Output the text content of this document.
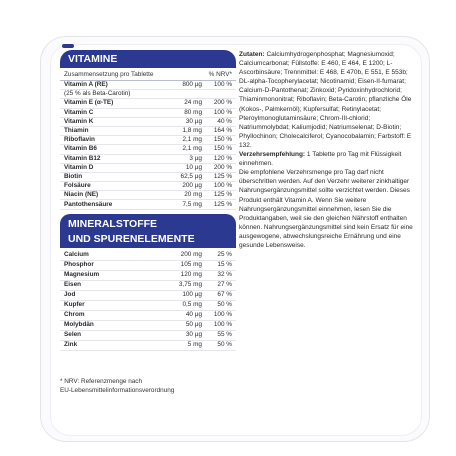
VITAMINE
Zusammensetzung pro Tablette	% NRV*
Vitamin A (RE)	800 µg	100 %
(25 % als Beta-Carotin)
Vitamin E (α-TE)	24 mg	200 %
Vitamin C	80 mg	100 %
Vitamin K	30 µg	40 %
Thiamin	1,8 mg	164 %
Riboflavin	2,1 mg	150 %
Vitamin B6	2,1 mg	150 %
Vitamin B12	3 µg	120 %
Vitamin D	10 µg	200 %
Biotin	62,5 µg	125 %
Folsäure	200 µg	100 %
Niacin (NE)	20 mg	125 %
Pantothensäure	7,5 mg	125 %
MINERALSTOFFE
UND SPURENELEMENTE
Calcium	200 mg	25 %
Phosphor	105 mg	15 %
Magnesium	120 mg	32 %
Eisen	3,75 mg	27 %
Jod	100 µg	67 %
Kupfer	0,5 mg	50 %
Chrom	40 µg	100 %
Molybdän	50 µg	100 %
Selen	30 µg	55 %
Zink	5 mg	50 %
* NRV: Referenzmenge nach
EU-Lebensmittelinformationsverordnung

Zutaten: Calciumhydrogenphosphat; Magnesiumoxid; Calciumcarbonat; Füllstoffe: E 460, E 464, E 1200; L-Ascorbinsäure; Trennmittel: E 468, E 470b, E 551, E 553b; DL-alpha-Tocopherylacetat; Nicotinamid; Eisen-II-fumarat; Calcium-D-Pantothenat; Zinkoxid; Pyridoxinhydrochlorid; Thiaminmononitrat; Riboflavin; Beta-Carotin; pflanzliche Öle (Kokos-, Palmkernöl); Kupfersulfat; Retinylacetat; Pteroylmonoglutaminsäure; Chrom-III-chlorid; Natriummolybdat; Kaliumjodid; Natriumselenat; D-Biotin; Phyllochinon; Cholecalciferol; Cyanocobalamin; Farbstoff: E 132.

Verzehrsempfehlung: 1 Tablette pro Tag mit Flüssigkeit einnehmen.

Die empfohlene Verzehrsmenge pro Tag darf nicht überschritten werden. Auf den Verzehr weiterer zinkhaltiger Nahrungsergänzungsmittel sollte verzichtet werden. Dieses Produkt enthält Vitamin A. Wenn Sie weitere Nahrungsergänzungsmittel einnehmen, lesen Sie die Produktangaben, weil sie den gleichen Nährstoff enthalten können. Nahrungsergänzungsmittel sind kein Ersatz für eine ausgewogene, abwechslungsreiche Ernährung und eine gesunde Lebensweise.
